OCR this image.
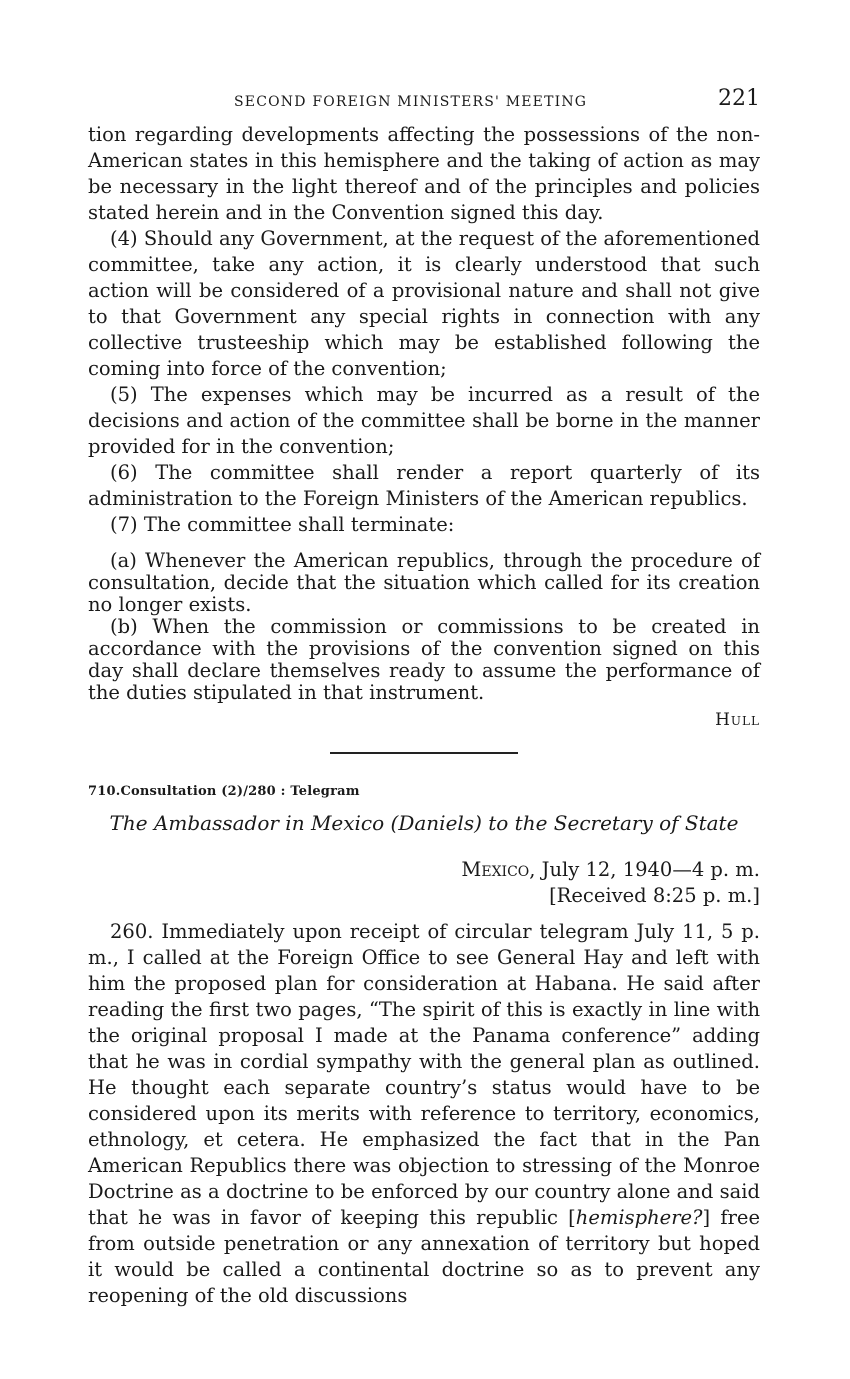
SECOND FOREIGN MINISTERS' MEETING	221

tion regarding developments affecting the possessions of the non-American states in this hemisphere and the taking of action as may be necessary in the light thereof and of the principles and policies stated herein and in the Convention signed this day.

(4) Should any Government, at the request of the aforementioned committee, take any action, it is clearly understood that such action will be considered of a provisional nature and shall not give to that Government any special rights in connection with any collective trusteeship which may be established following the coming into force of the convention;

(5) The expenses which may be incurred as a result of the decisions and action of the committee shall be borne in the manner provided for in the convention;

(6) The committee shall render a report quarterly of its administration to the Foreign Ministers of the American republics.

(7) The committee shall terminate:

(a) Whenever the American republics, through the procedure of consultation, decide that the situation which called for its creation no longer exists.

(b) When the commission or commissions to be created in accordance with the provisions of the convention signed on this day shall declare themselves ready to assume the performance of the duties stipulated in that instrument.

Hull
710.Consultation (2)/280 : Telegram
The Ambassador in Mexico (Daniels) to the Secretary of State
Mexico, July 12, 1940—4 p. m.
[Received 8:25 p. m.]

260. Immediately upon receipt of circular telegram July 11, 5 p. m., I called at the Foreign Office to see General Hay and left with him the proposed plan for consideration at Habana. He said after reading the first two pages, “The spirit of this is exactly in line with the original proposal I made at the Panama conference” adding that he was in cordial sympathy with the general plan as outlined. He thought each separate country’s status would have to be considered upon its merits with reference to territory, economics, ethnology, et cetera. He emphasized the fact that in the Pan American Republics there was objection to stressing of the Monroe Doctrine as a doctrine to be enforced by our country alone and said that he was in favor of keeping this republic [hemisphere?] free from outside penetration or any annexation of territory but hoped it would be called a continental doctrine so as to prevent any reopening of the old discussions
